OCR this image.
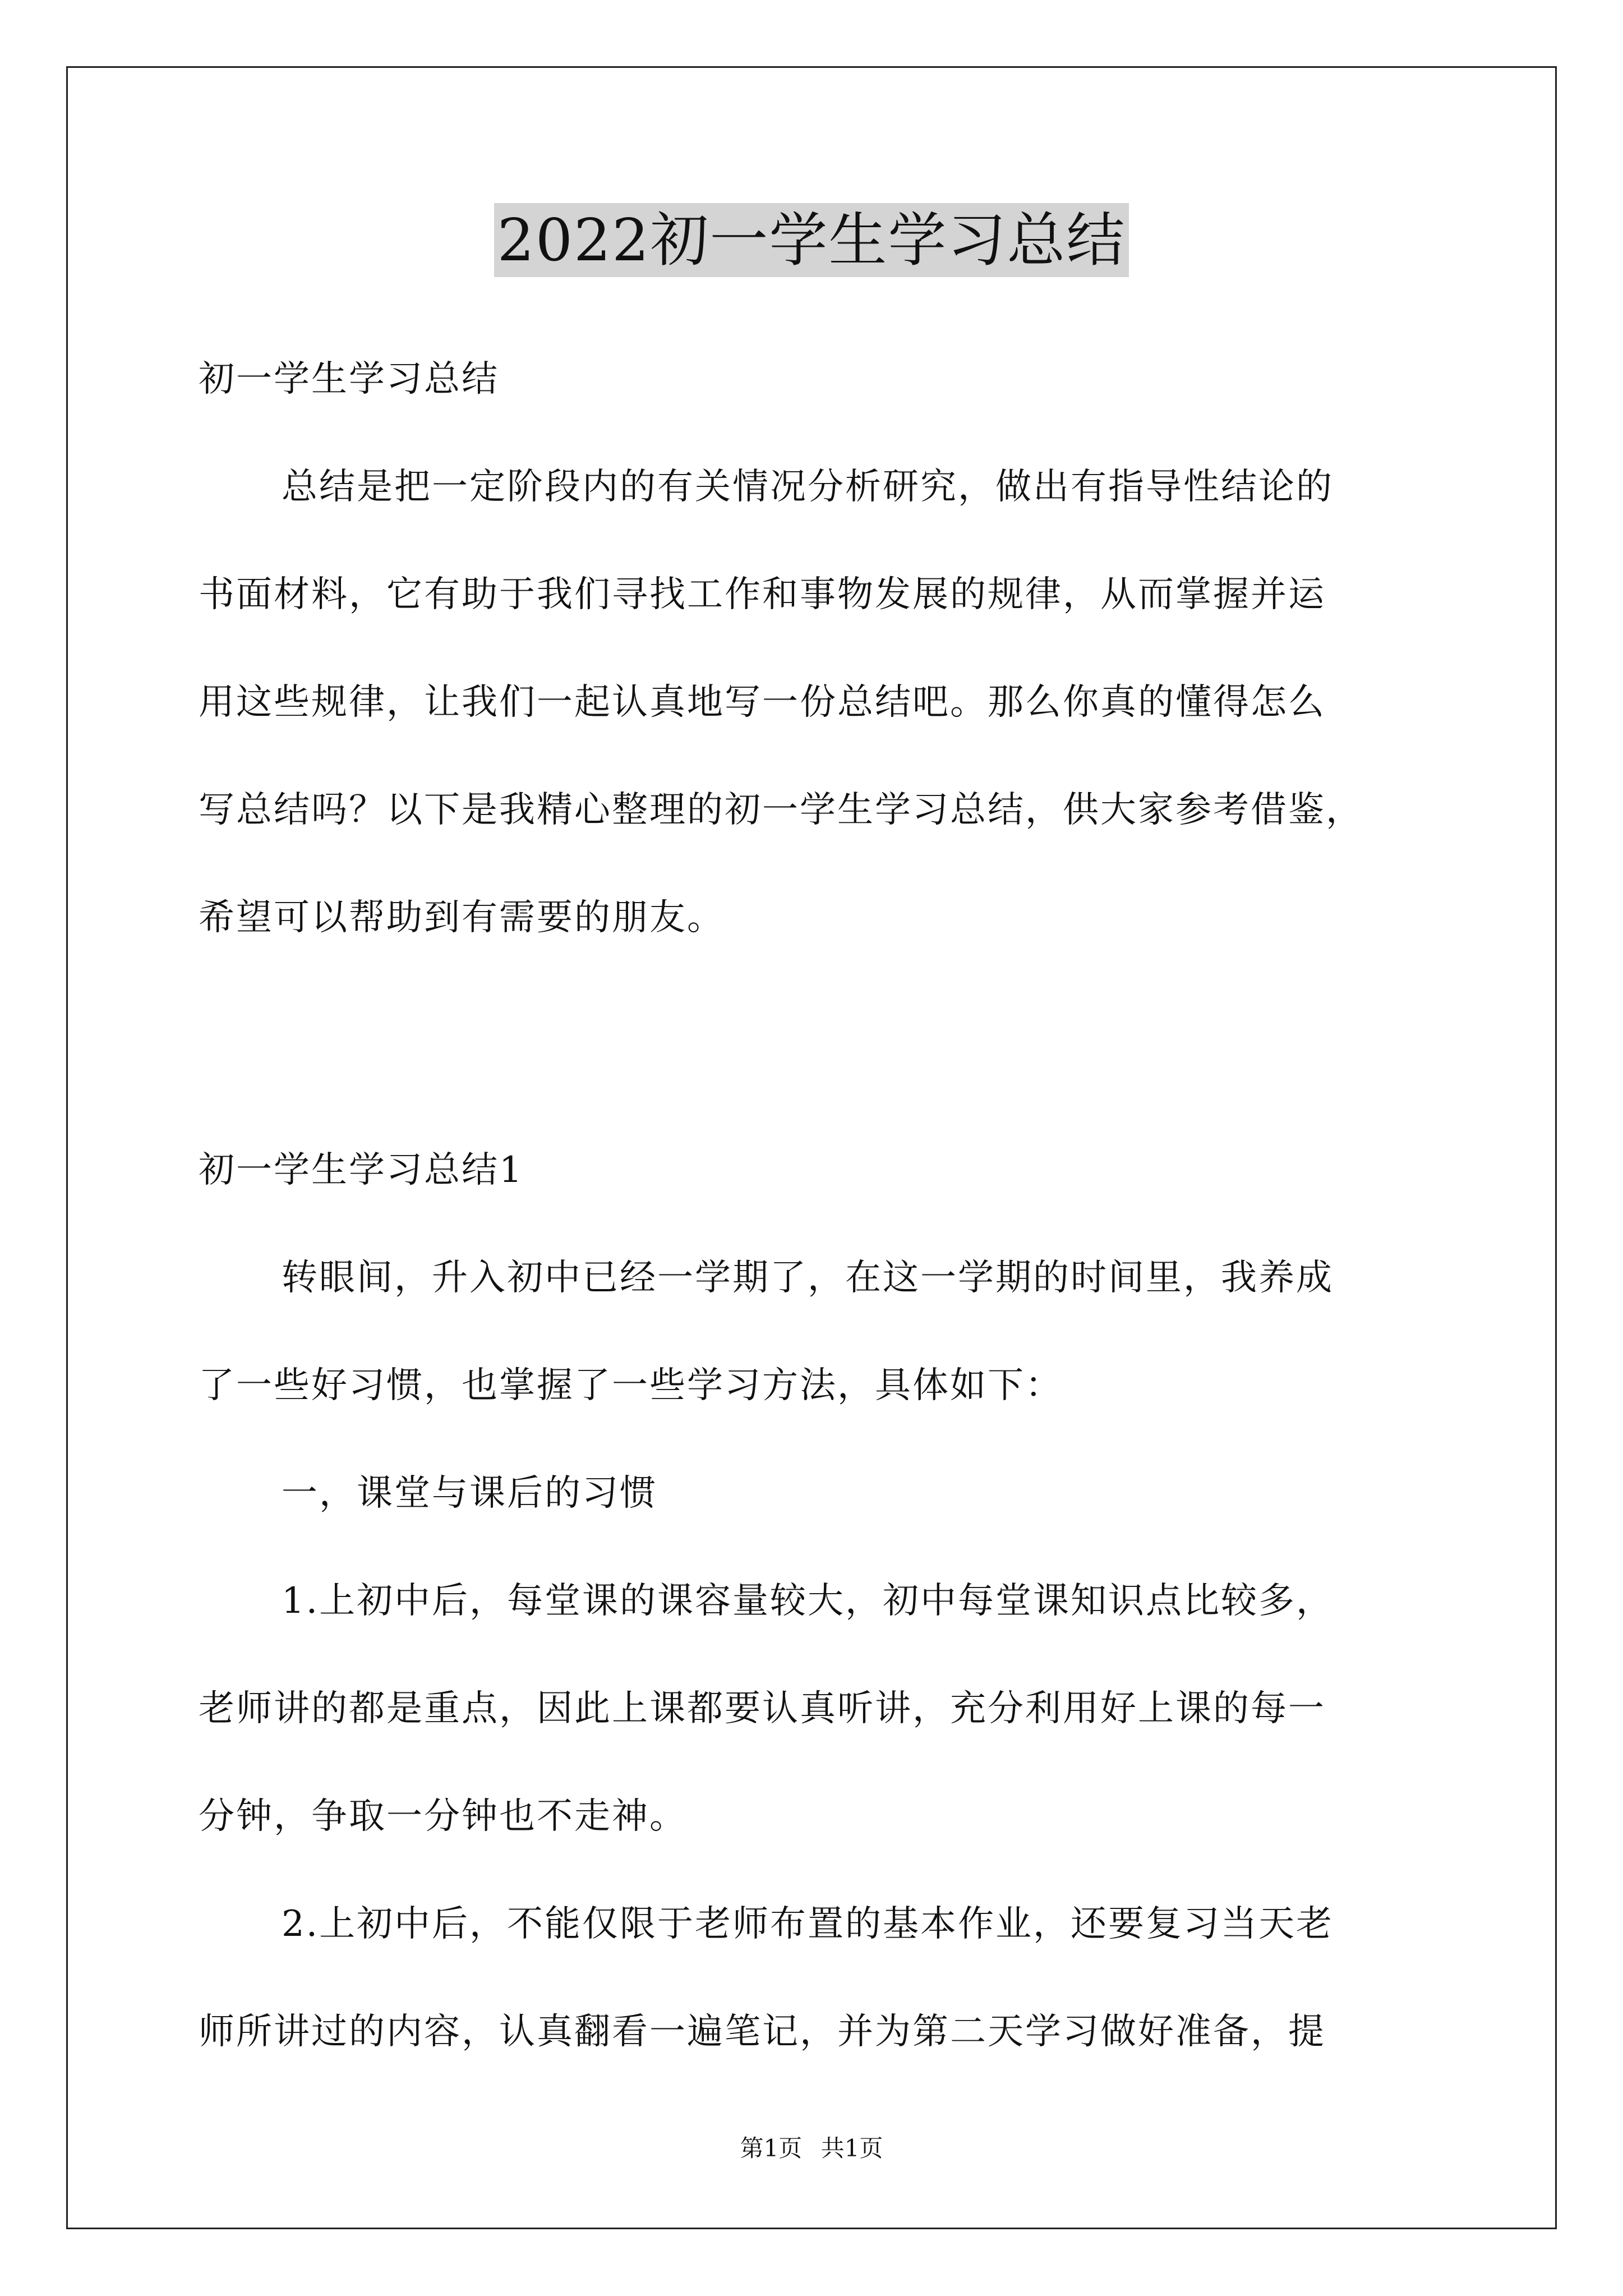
2022初一学生学习总结
初一学生学习总结
总结是把一定阶段内的有关情况分析研究，做出有指导性结论的
书面材料，它有助于我们寻找工作和事物发展的规律，从而掌握并运
用这些规律，让我们一起认真地写一份总结吧。那么你真的懂得怎么
写总结吗？以下是我精心整理的初一学生学习总结，供大家参考借鉴，
希望可以帮助到有需要的朋友。
初一学生学习总结1
转眼间，升入初中已经一学期了，在这一学期的时间里，我养成
了一些好习惯，也掌握了一些学习方法，具体如下：
一，课堂与课后的习惯
1.上初中后，每堂课的课容量较大，初中每堂课知识点比较多，
老师讲的都是重点，因此上课都要认真听讲，充分利用好上课的每一
分钟，争取一分钟也不走神。
2.上初中后，不能仅限于老师布置的基本作业，还要复习当天老
师所讲过的内容，认真翻看一遍笔记，并为第二天学习做好准备，提
第1页 共1页
